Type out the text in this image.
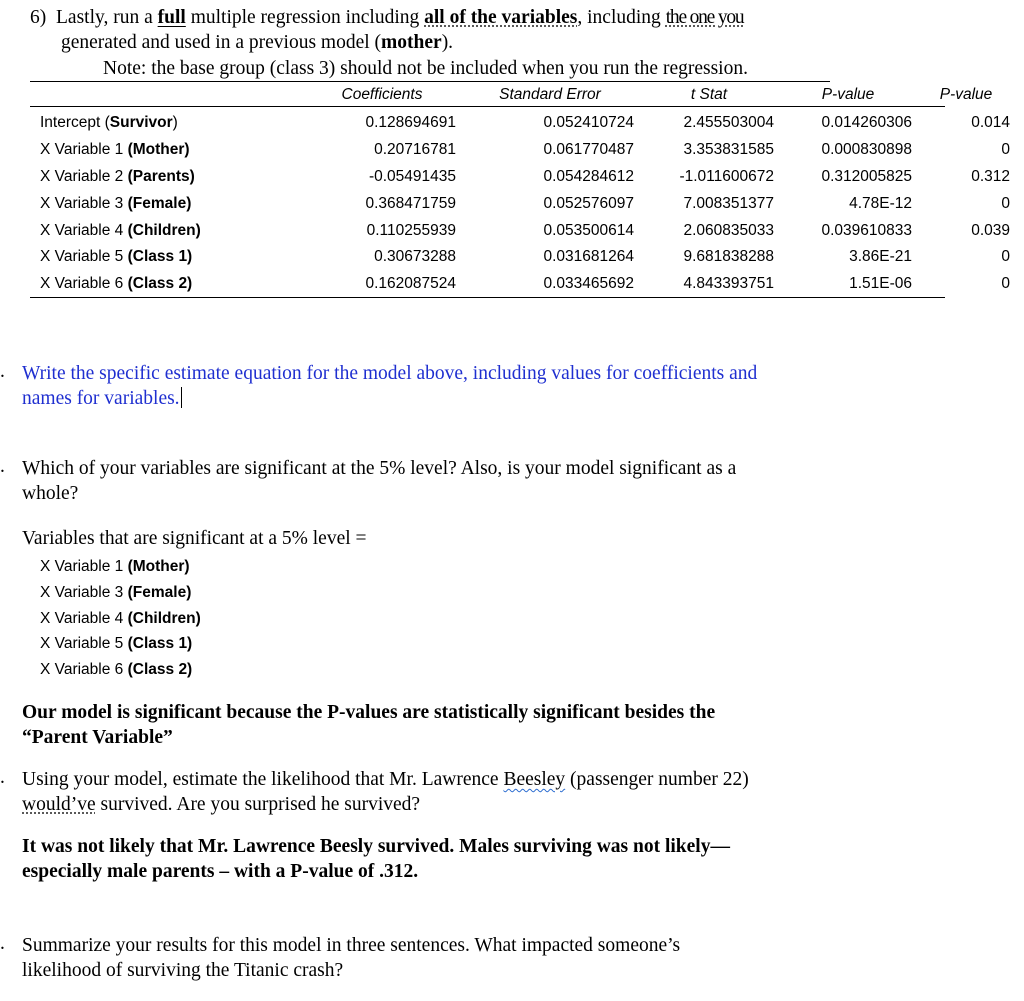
6) Lastly, run a full multiple regression including all of the variables, including the one you
generated and used in a previous model (mother).
Note: the base group (class 3) should not be included when you run the regression.
	Coefficients	Standard Error	t Stat	P-value	P-value

Intercept (Survivor)	0.128694691	0.052410724	2.455503004	0.014260306	0.014
X Variable 1 (Mother)	0.20716781	0.061770487	3.353831585	0.000830898	0
X Variable 2 (Parents)	-0.05491435	0.054284612	-1.011600672	0.312005825	0.312
X Variable 3 (Female)	0.368471759	0.052576097	7.008351377	4.78E-12	0
X Variable 4 (Children)	0.110255939	0.053500614	2.060835033	0.039610833	0.039
X Variable 5 (Class 1)	0.30673288	0.031681264	9.681838288	3.86E-21	0
X Variable 6 (Class 2)	0.162087524	0.033465692	4.843393751	1.51E-06	0
. Write the specific estimate equation for the model above, including values for coefficients and
names for variables.
. Which of your variables are significant at the 5% level? Also, is your model significant as a
whole?
Variables that are significant at a 5% level =
X Variable 1 (Mother)
X Variable 3 (Female)
X Variable 4 (Children)
X Variable 5 (Class 1)
X Variable 6 (Class 2)
Our model is significant because the P-values are statistically significant besides the
“Parent Variable”
. Using your model, estimate the likelihood that Mr. Lawrence Beesley (passenger number 22)
would’ve survived. Are you surprised he survived?
It was not likely that Mr. Lawrence Beesly survived. Males surviving was not likely—
especially male parents – with a P-value of .312.
. Summarize your results for this model in three sentences. What impacted someone’s
likelihood of surviving the Titanic crash?
